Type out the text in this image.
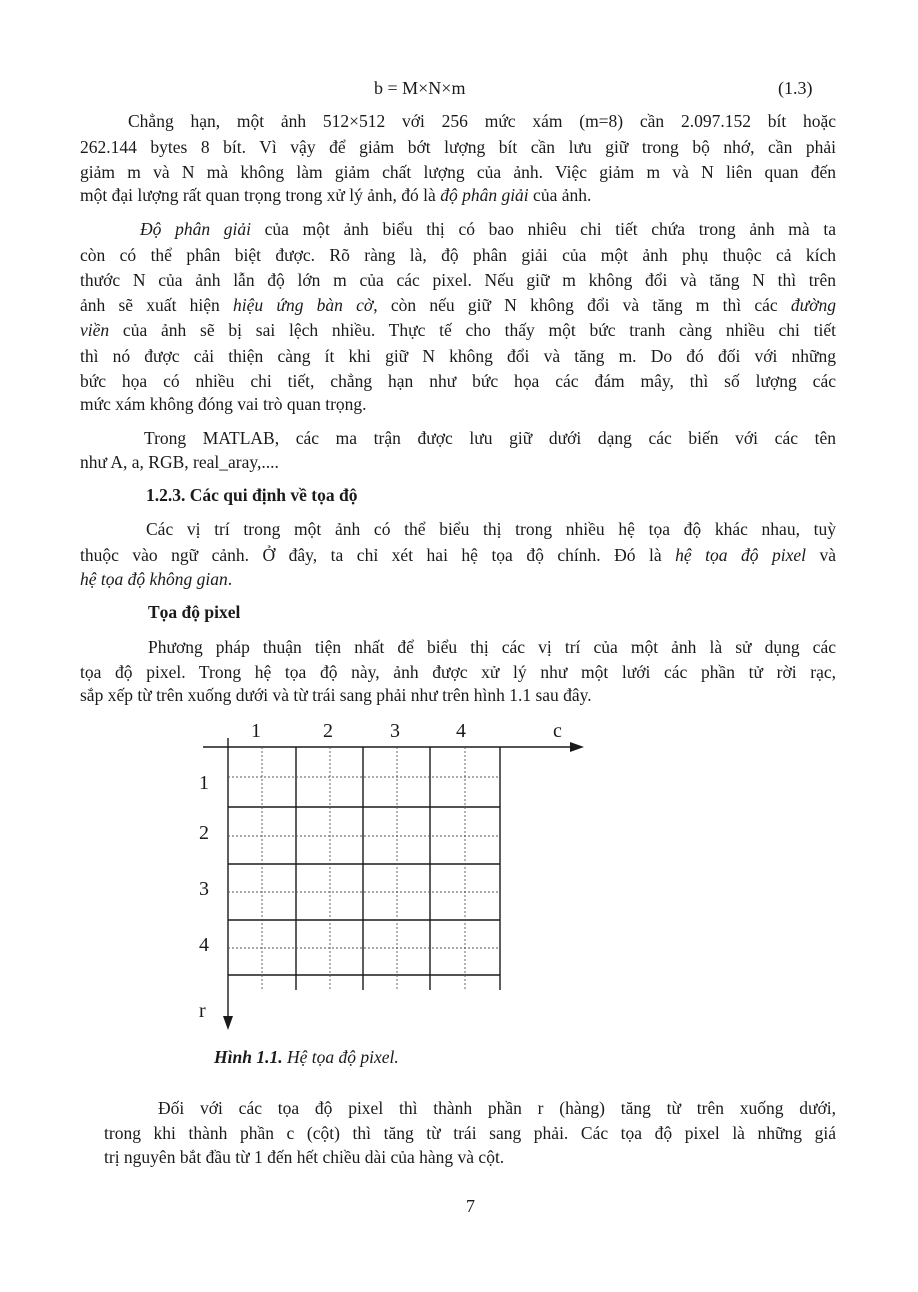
b = M×N×m	(1.3)
Chẳng hạn, một ảnh 512×512 với 256 mức xám (m=8) cần 2.097.152 bít hoặc
262.144 bytes 8 bít. Vì vậy để giảm bớt lượng bít cần lưu giữ trong bộ nhớ, cần phải
giảm m và N mà không làm giảm chất lượng của ảnh. Việc giảm m và N liên quan đến
một đại lượng rất quan trọng trong xử lý ảnh, đó là độ phân giải của ảnh.
Độ phân giải của một ảnh biểu thị có bao nhiêu chi tiết chứa trong ảnh mà ta
còn có thể phân biệt được. Rõ ràng là, độ phân giải của một ảnh phụ thuộc cả kích
thước N của ảnh lẫn độ lớn m của các pixel. Nếu giữ m không đổi và tăng N thì trên
ảnh sẽ xuất hiện hiệu ứng bàn cờ, còn nếu giữ N không đổi và tăng m thì các đường
viền của ảnh sẽ bị sai lệch nhiều. Thực tế cho thấy một bức tranh càng nhiều chi tiết
thì nó được cải thiện càng ít khi giữ N không đổi và tăng m. Do đó đối với những
bức họa có nhiều chi tiết, chẳng hạn như bức họa các đám mây, thì số lượng các
mức xám không đóng vai trò quan trọng.
Trong MATLAB, các ma trận được lưu giữ dưới dạng các biến với các tên
như A, a, RGB, real_aray,....
1.2.3. Các qui định về tọa độ
Các vị trí trong một ảnh có thể biểu thị trong nhiều hệ tọa độ khác nhau, tuỳ
thuộc vào ngữ cảnh. Ở đây, ta chỉ xét hai hệ tọa độ chính. Đó là hệ tọa độ pixel và
hệ tọa độ không gian.
Tọa độ pixel
Phương pháp thuận tiện nhất để biểu thị các vị trí của một ảnh là sử dụng các
tọa độ pixel. Trong hệ tọa độ này, ảnh được xử lý như một lưới các phần tử rời rạc,
sắp xếp từ trên xuống dưới và từ trái sang phải như trên hình 1.1 sau đây.
1	2	3	4	c
1
2
3
4
r
Hình 1.1. Hệ tọa độ pixel.
Đối với các tọa độ pixel thì thành phần r (hàng) tăng từ trên xuống dưới,
trong khi thành phần c (cột) thì tăng từ trái sang phải. Các tọa độ pixel là những giá
trị nguyên bắt đầu từ 1 đến hết chiều dài của hàng và cột.
7
